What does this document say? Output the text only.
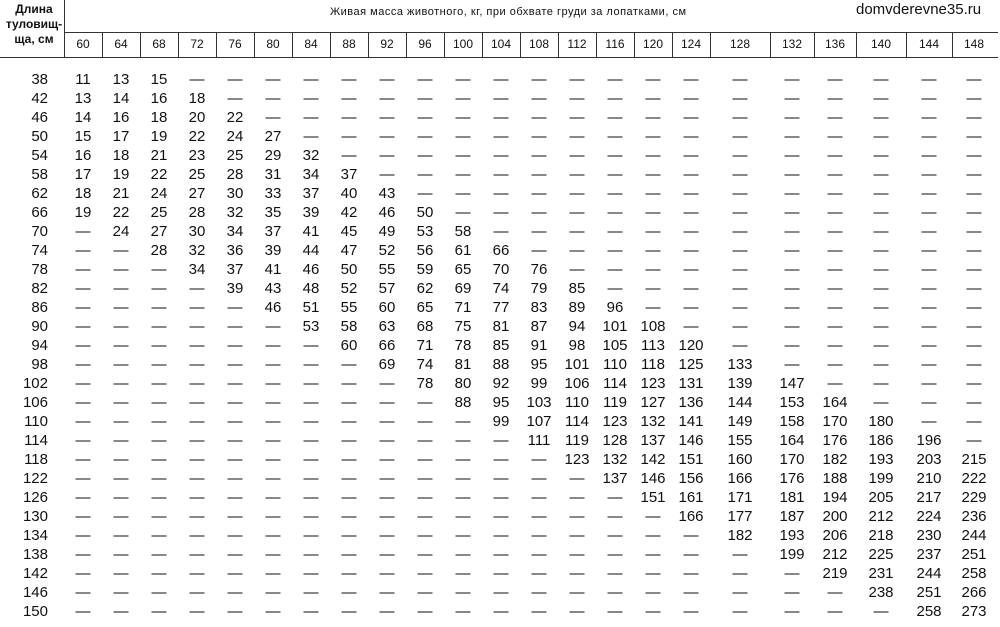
Длина
туловищ-
ща, см
Живая масса животного, кг, при обхвате груди за лопатками, см	domvderevne35.ru
60	64	68	72	76	80	84	88	92	96	100	104	108	112	116	120	124	128	132	136	140	144	148
38	11	13	15	—	—	—	—	—	—	—	—	—	—	—	—	—	—	—	—	—	—	—	—
42	13	14	16	18	—	—	—	—	—	—	—	—	—	—	—	—	—	—	—	—	—	—	—
46	14	16	18	20	22	—	—	—	—	—	—	—	—	—	—	—	—	—	—	—	—	—	—
50	15	17	19	22	24	27	—	—	—	—	—	—	—	—	—	—	—	—	—	—	—	—	—
54	16	18	21	23	25	29	32	—	—	—	—	—	—	—	—	—	—	—	—	—	—	—	—
58	17	19	22	25	28	31	34	37	—	—	—	—	—	—	—	—	—	—	—	—	—	—	—
62	18	21	24	27	30	33	37	40	43	—	—	—	—	—	—	—	—	—	—	—	—	—	—
66	19	22	25	28	32	35	39	42	46	50	—	—	—	—	—	—	—	—	—	—	—	—	—
70	—	24	27	30	34	37	41	45	49	53	58	—	—	—	—	—	—	—	—	—	—	—	—
74	—	—	28	32	36	39	44	47	52	56	61	66	—	—	—	—	—	—	—	—	—	—	—
78	—	—	—	34	37	41	46	50	55	59	65	70	76	—	—	—	—	—	—	—	—	—	—
82	—	—	—	—	39	43	48	52	57	62	69	74	79	85	—	—	—	—	—	—	—	—	—
86	—	—	—	—	—	46	51	55	60	65	71	77	83	89	96	—	—	—	—	—	—	—	—
90	—	—	—	—	—	—	53	58	63	68	75	81	87	94	101 108	—	—	—	—	—	—	—
94	—	—	—	—	—	—	—	60	66	71	78	85	91	98	105 113 120	—	—	—	—	—	—
98	—	—	—	—	—	—	—	—	69	74	81	88	95	101 110 118 125	133	—	—	—	—	—
102	—	—	—	—	—	—	—	—	—	78	80	92	99	106 114 123 131	139	147	—	—	—	—
106	—	—	—	—	—	—	—	—	—	—	88	95	103 110 119 127 136	144	153	164	—	—	—
110	—	—	—	—	—	—	—	—	—	—	—	99	107 114 123 132 141	149	158	170	180	—	—
114	—	—	—	—	—	—	—	—	—	—	—	—	111 119 128 137 146	155	164	176	186	196	—
118	—	—	—	—	—	—	—	—	—	—	—	—	—	123 132 142 151	160	170	182	193	203	215
122	—	—	—	—	—	—	—	—	—	—	—	—	—	—	137 146 156	166	176	188	199	210	222
126	—	—	—	—	—	—	—	—	—	—	—	—	—	—	—	151 161	171	181	194	205	217	229
130	—	—	—	—	—	—	—	—	—	—	—	—	—	—	—	—	166	177	187	200	212	224	236
134	—	—	—	—	—	—	—	—	—	—	—	—	—	—	—	—	—	182	193	206	218	230	244
138	—	—	—	—	—	—	—	—	—	—	—	—	—	—	—	—	—	—	199	212	225	237	251
142	—	—	—	—	—	—	—	—	—	—	—	—	—	—	—	—	—	—	—	219	231	244	258
146	—	—	—	—	—	—	—	—	—	—	—	—	—	—	—	—	—	—	—	—	238	251	266
150	—	—	—	—	—	—	—	—	—	—	—	—	—	—	—	—	—	—	—	—	—	258	273
